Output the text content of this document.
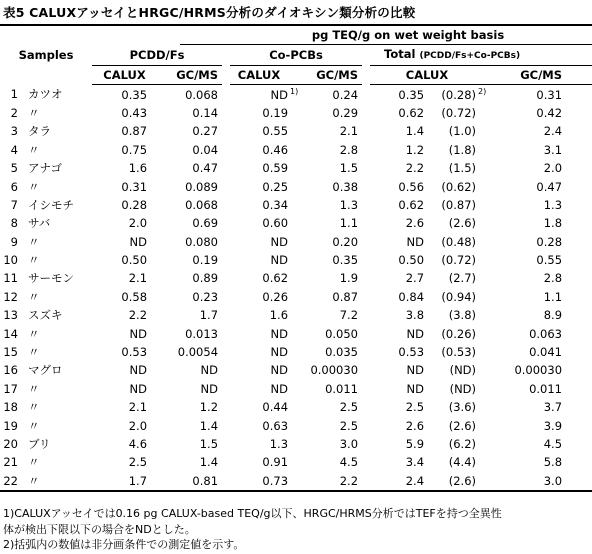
表5 CALUXアッセイとHRGC/HRMS分析のダイオキシン類分析の比較
Samples		pg TEQ/g on wet weight basis											
		PCDD/Fs			Co-PCBs				Total (PCDD/Fs+Co-PCBs)				
		CALUX	GC/MS		CALUX		GC/MS		CALUX			GC/MS	
1	カツオ	0.35	0.068		ND	1)	0.24		0.35	(0.28)	2)	0.31	
2	〃	0.43	0.14		0.19		0.29		0.62	(0.72)		0.42	
3	タラ	0.87	0.27		0.55		2.1		1.4	(1.0)		2.4	
4	〃	0.75	0.04		0.46		2.8		1.2	(1.8)		3.1	
5	アナゴ	1.6	0.47		0.59		1.5		2.2	(1.5)		2.0	
6	〃	0.31	0.089		0.25		0.38		0.56	(0.62)		0.47	
7	イシモチ	0.28	0.068		0.34		1.3		0.62	(0.87)		1.3	
8	サバ	2.0	0.69		0.60		1.1		2.6	(2.6)		1.8	
9	〃	ND	0.080		ND		0.20		ND	(0.48)		0.28	
10	〃	0.50	0.19		ND		0.35		0.50	(0.72)		0.55	
11	サーモン	2.1	0.89		0.62		1.9		2.7	(2.7)		2.8	
12	〃	0.58	0.23		0.26		0.87		0.84	(0.94)		1.1	
13	スズキ	2.2	1.7		1.6		7.2		3.8	(3.8)		8.9	
14	〃	ND	0.013		ND		0.050		ND	(0.26)		0.063	
15	〃	0.53	0.0054		ND		0.035		0.53	(0.53)		0.041	
16	マグロ	ND	ND		ND		0.00030		ND	(ND)		0.00030	
17	〃	ND	ND		ND		0.011		ND	(ND)		0.011	
18	〃	2.1	1.2		0.44		2.5		2.5	(3.6)		3.7	
19	〃	2.0	1.4		0.63		2.5		2.6	(2.6)		3.9	
20	ブリ	4.6	1.5		1.3		3.0		5.9	(6.2)		4.5	
21	〃	2.5	1.4		0.91		4.5		3.4	(4.4)		5.8	
22	〃	1.7	0.81		0.73		2.2		2.4	(2.6)		3.0	
1)CALUXアッセイでは0.16 pg CALUX-based TEQ/g以下、HRGC/HRMS分析ではTEFを持つ全異性
体が検出下限以下の場合をNDとした。
2)括弧内の数値は非分画条件での測定値を示す。
